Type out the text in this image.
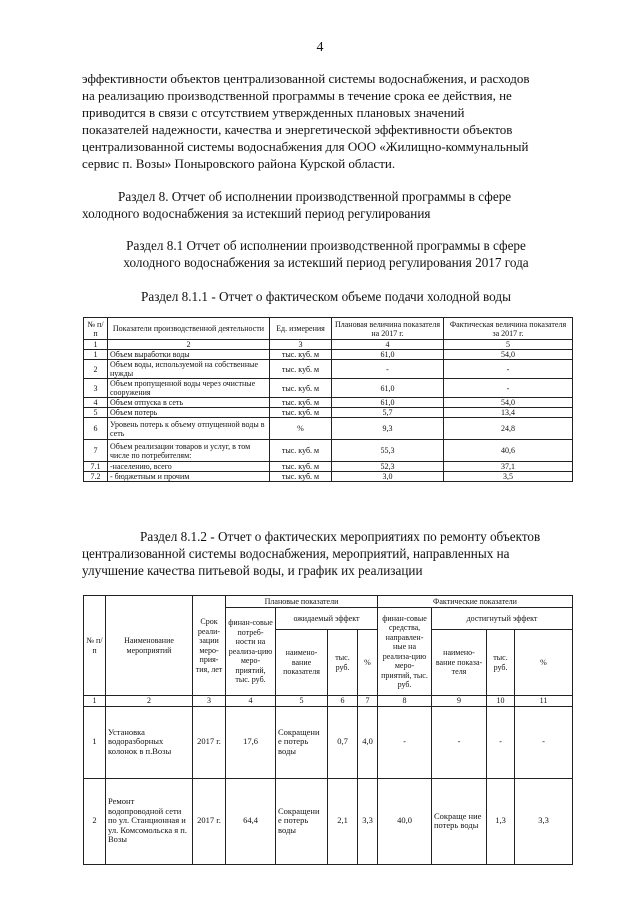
4

эффективности объектов централизованной системы водоснабжения, и расходов

на реализацию производственной программы в течение срока ее действия, не

приводится в связи с отсутствием утвержденных плановых значений

показателей надежности, качества и энергетической эффективности объектов

централизованной системы водоснабжения для ООО «Жилищно-коммунальный

сервис п. Возы» Поныровского района Курской области.

Раздел 8. Отчет об исполнении производственной программы в сфере
холодного водоснабжения за истекший период регулирования
Раздел 8.1 Отчет об исполнении производственной программы в сфере
холодного водоснабжения за истекший период регулирования 2017 года
Раздел 8.1.1 - Отчет о фактическом объеме подачи холодной воды
№ п/п	Показатели производственной деятельности	Ед. измерения	Плановая величина показателя на 2017 г.	Фактическая величина показателя за 2017 г.
1	2	3	4	5
1	Объем выработки воды	тыс. куб. м	61,0	54,0
2	Объем воды, используемой на собственные нужды	тыс. куб. м	-	-
3	Объем пропущенной воды через очистные сооружения	тыс. куб. м	61,0	-
4	Объем отпуска в сеть	тыс. куб. м	61,0	54,0
5	Объем потерь	тыс. куб. м	5,7	13,4
6	Уровень потерь к объему отпущенной воды в сеть	%	9,3	24,8
7	Объем реализации товаров и услуг, в том числе по потребителям:	тыс. куб. м	55,3	40,6
7.1	-населению, всего	тыс. куб. м	52,3	37,1
7.2	- бюджетным и прочим	тыс. куб. м	3,0	3,5
Раздел 8.1.2 - Отчет о фактических мероприятиях по ремонту объектов
централизованной системы водоснабжения, мероприятий, направленных на
улучшение качества питьевой воды, и график их реализации
№ п/п	Наименование мероприятий	Срок реали-зации меро-прия-тия, лет	Плановые показатели				Фактические показатели			
			финан-совые потреб-ности на реализа-цию меро-приятий, тыс. руб.	ожидаемый эффект			финан-совые средства, направлен-ные на реализа-цию меро-приятий, тыс. руб.	достигнутый эффект		
				наимено-вание показателя	тыс. руб.	%		наимено-вание показа-теля	тыс. руб.	%
1	2	3	4	5	6	7	8	9	10	11
1	Установка водоразборных колонок в п.Возы	2017 г.	17,6	Сокращени е потерь воды	0,7	4,0	-	-	-	-
2	Ремонт водопроводной сети по ул. Станционная и ул. Комсомольска я п. Возы	2017 г.	64,4	Сокращени е потерь воды	2,1	3,3	40,0	Сокраще ние потерь воды	1,3	3,3
